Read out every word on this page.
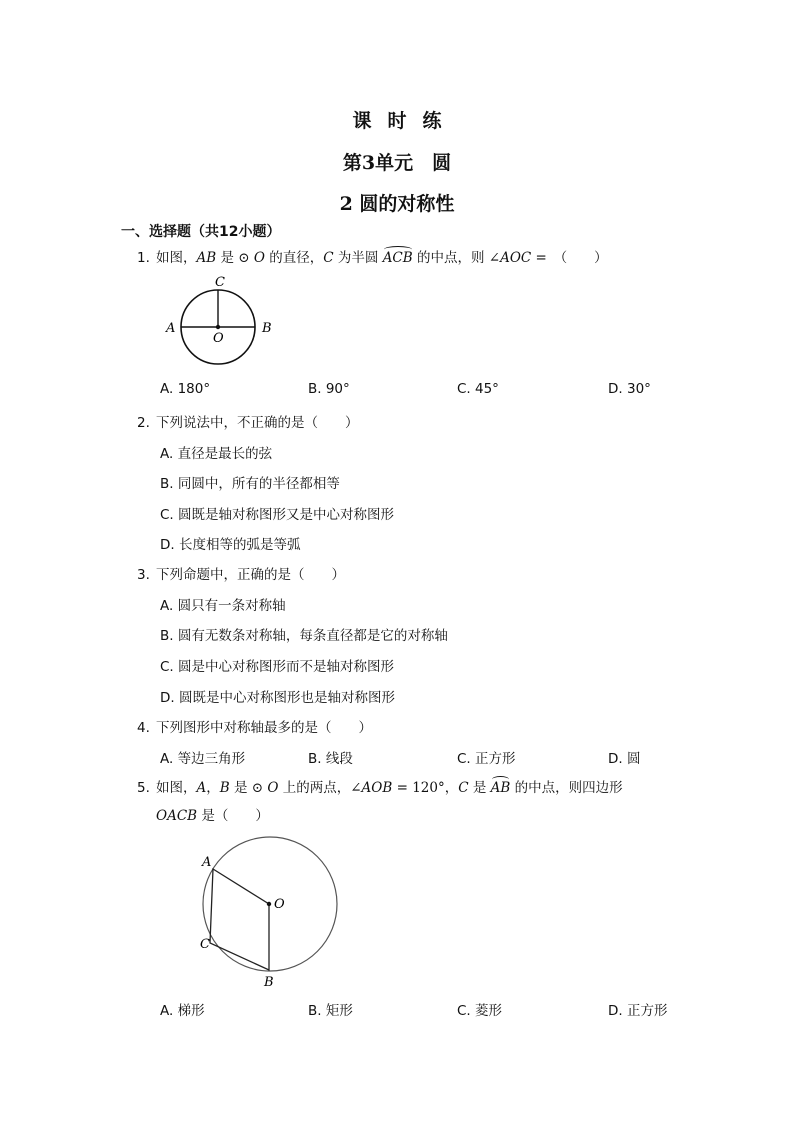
课时练
第3单元　圆
2 圆的对称性
一、选择题（共12小题）
1. 如图，AB 是 ⊙ O 的直径，C 为半圆 ACB 的中点，则 ∠AOC =　 （　　）
C
A	B
O
A. 180°	B. 90°	C. 45°	D. 30°
2. 下列说法中，不正确的是（　　）
A. 直径是最长的弦
B. 同圆中，所有的半径都相等
C. 圆既是轴对称图形又是中心对称图形
D. 长度相等的弧是等弧
3. 下列命题中，正确的是（　　）
A. 圆只有一条对称轴
B. 圆有无数条对称轴，每条直径都是它的对称轴
C. 圆是中心对称图形而不是轴对称图形
D. 圆既是中心对称图形也是轴对称图形
4. 下列图形中对称轴最多的是（　　）
A. 等边三角形	B. 线段	C. 正方形	D. 圆
5. 如图，A，B 是 ⊙ O 上的两点，∠AOB = 120°，C 是 AB 的中点，则四边形
OACB 是（　　）
A
O
C
B
A. 梯形	B. 矩形	C. 菱形	D. 正方形
